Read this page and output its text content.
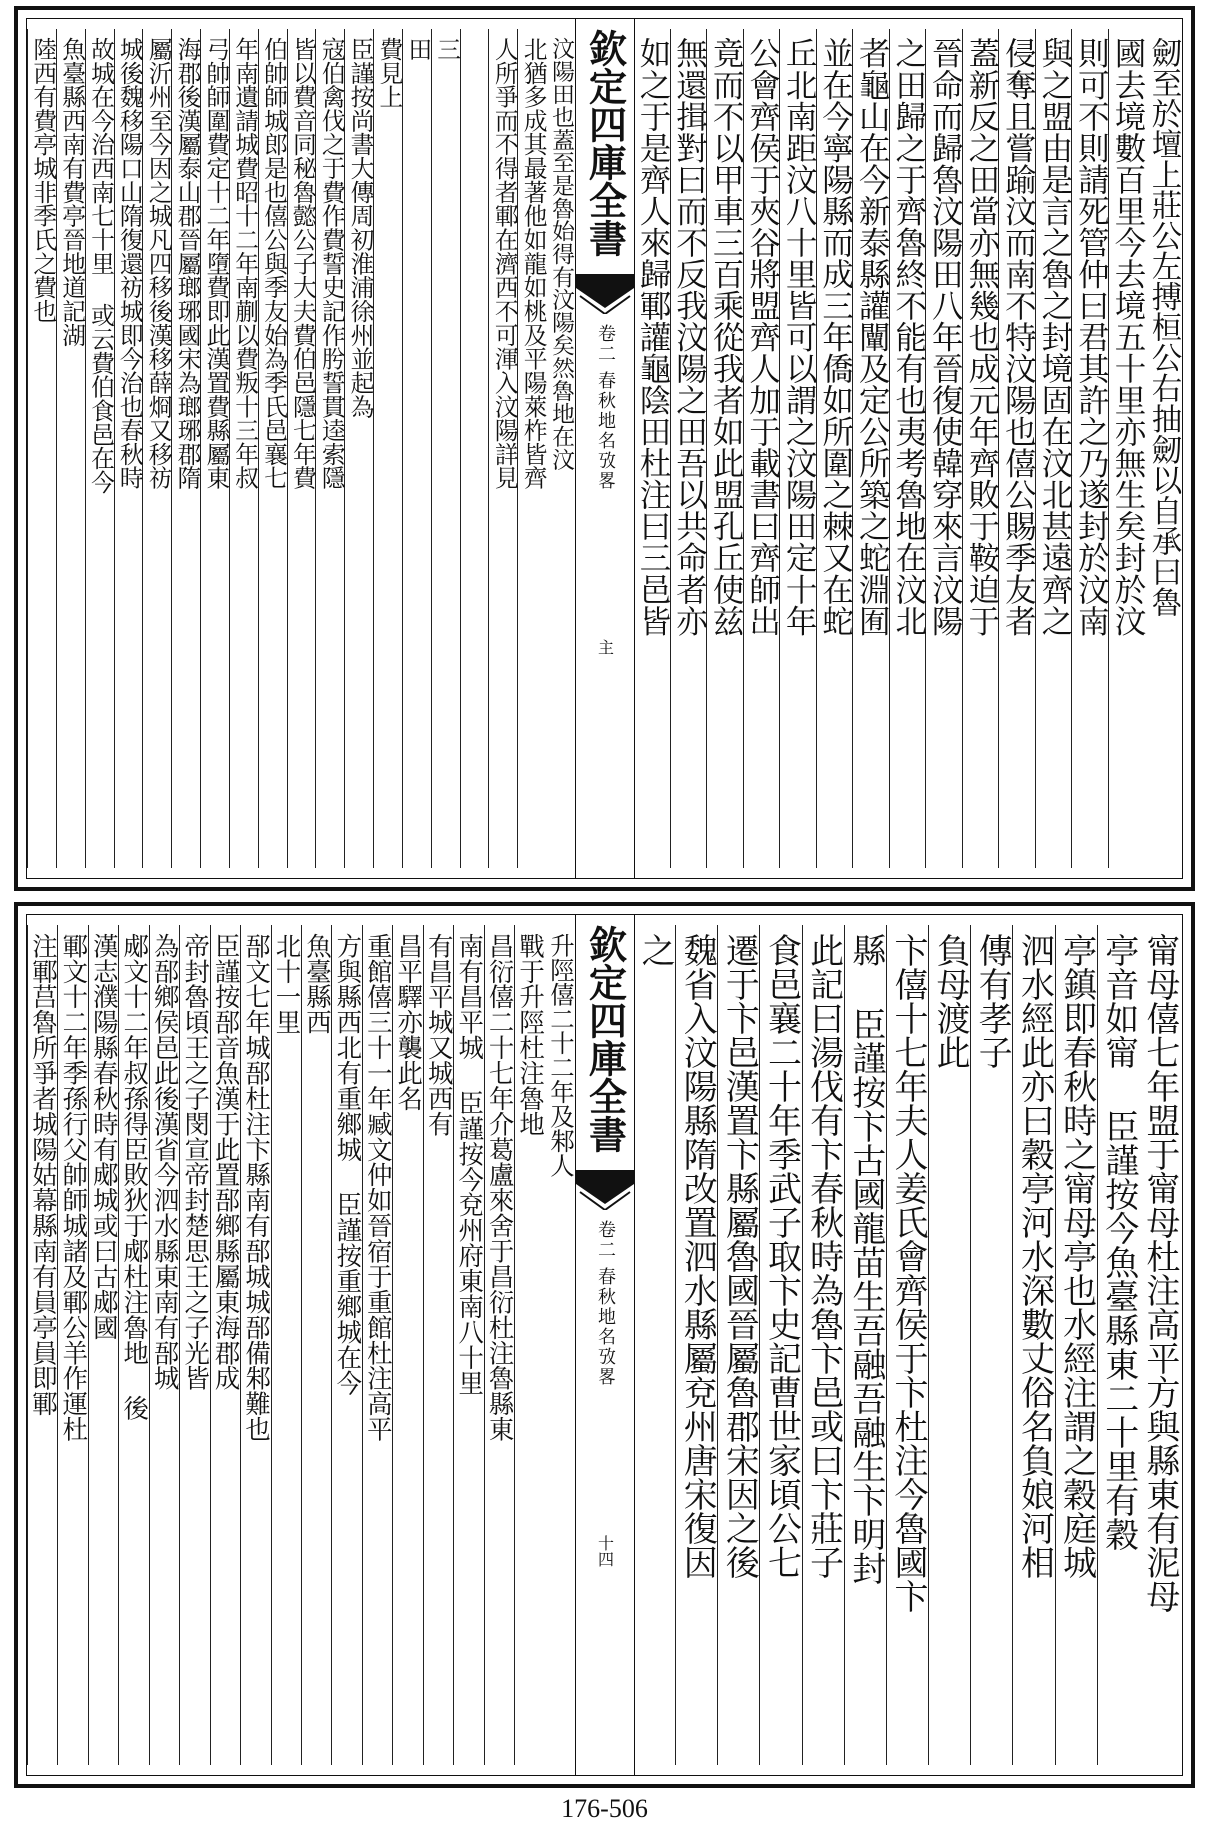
劒至於壇上莊公左搏桓公右抽劒以自承曰魯
國去境數百里今去境五十里亦無生矣封於汶
則可不則請死管仲曰君其許之乃遂封於汶南
與之盟由是言之魯之封境固在汶北甚遠齊之
侵奪且嘗踰汶而南不特汶陽也僖公賜季友者
蓋新反之田當亦無幾也成元年齊敗于鞍迫于
晉命而歸魯汶陽田八年晉復使韓穿來言汶陽
之田歸之于齊魯終不能有也夷考魯地在汶北
者龜山在今新泰縣讙闡及定公所築之蛇淵囿
並在今寧陽縣而成三年僑如所圍之棘又在蛇
丘北南距汶八十里皆可以謂之汶陽田定十年
公會齊侯于夾谷將盟齊人加于載書曰齊師出
竟而不以甲車三百乘從我者如此盟孔丘使兹
無還揖對曰而不反我汶陽之田吾以共命者亦
如之于是齊人來歸鄆讙龜陰田杜注曰三邑皆
欽定四庫全書
卷二
春秋地名攷畧
主
汶陽田也蓋至是魯始得有汶陽矣然魯地在汶
北猶多成其最著他如龍如桃及平陽萊柞皆齊
人所爭而不得者鄆在濟西不可渾入汶陽詳見
三
田
費見上
臣謹按尚書大傳周初淮浦徐州並起為
寇伯禽伐之于費作費誓史記作肹誓貫逵索隱
皆以費音同秘魯懿公子大夫費伯邑隱七年費
伯帥師城郎是也僖公與季友始為季氏邑襄七
年南遺請城費昭十二年南蒯以費叛十三年叔
弓帥師圍費定十二年墮費即此漢置費縣屬東
海郡後漢屬泰山郡晉屬瑯琊國宋為瑯琊郡隋
屬沂州至今因之城凡四移後漢移薛烱又移祊
城後魏移陽口山隋復還祊城即今治也春秋時
故城在今治西南七十里 或云費伯食邑在今
魚臺縣西南有費亭晉地道記湖
陸西有費亭城非季氏之費也
甯母僖七年盟于甯母杜注高平方與縣東有泥母
亭音如甯 臣謹按今魚臺縣東二十里有穀
亭鎮即春秋時之甯母亭也水經注謂之穀庭城
泗水經此亦曰穀亭河水深數丈俗名負娘河相
傳有孝子
負母渡此
卞僖十七年夫人姜氏會齊侯于卞杜注今魯國卞
縣 臣謹按卞古國龍苗生吾融吾融生卞明封
此記曰湯伐有卞春秋時為魯卞邑或曰卞莊子
食邑襄二十年季武子取卞史記曹世家頃公七
遷于卞邑漢置卞縣屬魯國晉屬魯郡宋因之後
魏省入汶陽縣隋改置泗水縣屬兗州唐宋復因
之
欽定四庫全書
卷二
春秋地名攷畧
十四
升陘僖二十二年及邾人
戰于升陘杜注魯地
昌衍僖二十七年介葛盧來舍于昌衍杜注魯縣東
南有昌平城 臣謹按今兗州府東南八十里
有昌平城又城西有
昌平驛亦襲此名
重館僖三十一年臧文仲如晉宿于重館杜注高平
方與縣西北有重鄉城 臣謹按重鄉城在今
魚臺縣西
北十一里
郚文七年城郚杜注卞縣南有郚城城郚備邾難也
臣謹按郚音魚漢于此置郚鄉縣屬東海郡成
帝封魯頃王之子閔宣帝封楚思王之子光皆
為郚鄉侯邑此後漢省今泗水縣東南有郚城
郕文十二年叔孫得臣敗狄于郕杜注魯地 後
漢志濮陽縣春秋時有郕城或曰古郕國
鄆文十二年季孫行父帥師城諸及鄆公羊作運杜
注鄆莒魯所爭者城陽姑幕縣南有員亭員即鄆
176-506
